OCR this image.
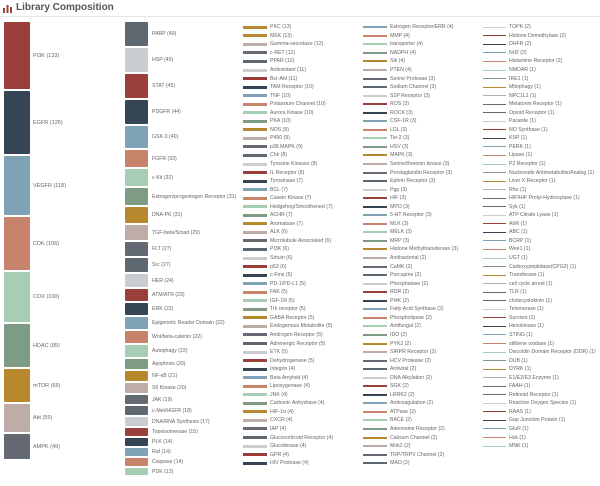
Library Composition
PI3K (133)
EGFR (125)
VEGFR (118)
CDK (106)
COX (100)
HDAC (85)
mTOR (65)
Akt (55)
AMPK (49)
PARP (49)
HSP (45)
STAT (45)
PDGFR (44)
GSK-3 (40)
FGFR (33)
c-Kit (32)
Estrogen/progestogen Receptor (31)
DNA-PK (31)
TGF-beta/Smad (29)
FLT (27)
Src (27)
HER (24)
ATM/ATR (23)
ERK (22)
Epigenetic Reader Domain (22)
Wnt/beta-catenin (22)
Autophagy (22)
Apoptosis (20)
NF-κB (21)
S6 Kinase (20)
JAK (19)
c-Met/HGFR (18)
DNA/RNA Synthesis (17)
Topoisomerase (15)
PLK (14)
Raf (14)
Caspase (14)
PDK (13)
PKC (13)
MEK (13)
Gamma-secretase (12)
c-RET (12)
PPAR (12)
Antioxidant (11)
Bcr-Abl (11)
TAM Receptor (10)
TNF (10)
Potassium Channel (10)
Aurora Kinase (10)
PKA (10)
NOS (9)
P450 (9)
p38 MAPK (9)
Chk (8)
Tyrosine Kinases (8)
IL Receptor (8)
Tyrosinase (7)
BCL (7)
Casein Kinase (7)
Hedgehog/Smoothened (7)
ACHR (7)
Aromatase (7)
ALK (6)
Microtubule Associated (6)
PI3K (6)
Sirtuin (6)
p53 (6)
c-Fms (5)
PD-1/PD-L1 (5)
FAK (5)
IGF-1R (5)
Trk receptor (5)
GABA Receptor (5)
Endogenous Metabolite (5)
Androgen Receptor (5)
Adrenergic Receptor (5)
ETK (5)
Dehydrogenase (5)
Integrin (4)
Beta Amyloid (4)
Lipoxygenase (4)
JNK (4)
Carbonic Anhydrase (4)
HIF-1α (4)
CXCR (4)
IAP (4)
Glucocorticoid Receptor (4)
Glucokinase (4)
GPR (4)
HIV Protease (4)
Estrogen Receptor/ERR (4)
MMP (4)
transporter (4)
NADPH (4)
Sik (4)
PTEN (4)
Serine Protease (3)
Sodium Channel (3)
S1P Receptor (3)
ROS (3)
ROCK (3)
CSF-1R (3)
LDL (3)
Tie-2 (3)
HSV (3)
MAPK (3)
Serine/threonin kinase (3)
Prostaglandin Receptor (3)
Ephrin Receptor (3)
Pgp (3)
HIF (3)
MPO (3)
5-HT Receptor (3)
MLK (3)
MELK (3)
MRP (3)
Histone Methyltransferase (3)
Antibacterial (2)
CaMK (2)
Porcupine (2)
Phosphatase (2)
RDR (2)
PI4K (2)
Fatty Acid Synthase (2)
Phospholipase (2)
Antifungal (2)
IDO (2)
PYK2 (2)
SIRPR Receptor (2)
HCV Protease (2)
Antiviral (2)
DNA Alkylation (2)
SGK (2)
LRRK2 (2)
Anticoagulation (2)
ATPase (2)
BACE (2)
Adenosine Receptor (2)
Calcium Channel (2)
Mnk2 (2)
TRP/TRPV Channel (2)
MAO (2)
TOPK (2)
Histone Demethylase (2)
DHFR (2)
Nrf2 (2)
Histamine Receptor (2)
NMDAR (1)
IRE1 (1)
Mitophagy (1)
NPC1L1 (1)
Melatonin Receptor (1)
Opioid Receptor (1)
Parasite (1)
NO Synthase (1)
KSP (1)
PERK (1)
Lipase (1)
P2 Receptor (1)
Nucleoside Antimetabolite/Analog (1)
Liver X Receptor (1)
Rho (1)
HIF/HIF Prolyl-Hydroxylase (1)
Syk (1)
ATP Citrate Lyase (1)
AhR (1)
ABC (1)
BCRP (1)
Wee1 (1)
UGT (1)
Carboxypeptidase(CPG2) (1)
Transferase (1)
cell cycle arrest (1)
TLR (1)
cholecystokinin (1)
Telomerase (1)
Survivin (1)
Hexokinase (1)
STING (1)
stilbene oxidase (1)
Discoidin Domain Receptor (DDR) (1)
DUB (1)
DYRK (1)
E1/E2/E3 Enzyme (1)
FAAH (1)
Retinoid Receptor (1)
Reactive Oxygen Species (1)
RAAS (1)
Gap Junction Protein (1)
GluR (1)
Hsk (1)
MNK (1)
